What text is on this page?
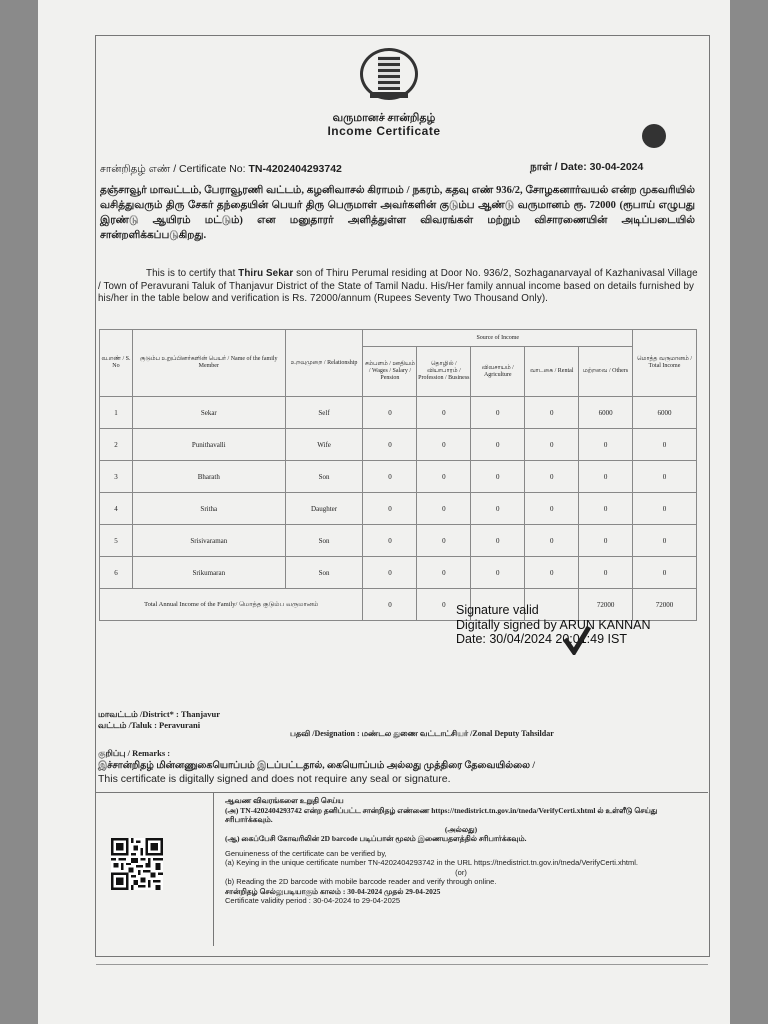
வருமானச் சான்றிதழ்
Income Certificate
சான்றிதழ் எண் / Certificate No: TN-4202404293742	நாள் / Date: 30-04-2024
தஞ்சாவூர் மாவட்டம், பேராவூரணி வட்டம், கழனிவாசல் கிராமம் / நகரம், கதவு எண் 936/2, சோழகனார்வயல் என்ற முகவரியில் வசித்துவரும் திரு சேகர் தந்தையின் பெயர் திரு பெருமாள் அவர்களின் குடும்ப ஆண்டு வருமானம் ரூ. 72000 (ரூபாய் எழுபது இரண்டு ஆயிரம் மட்டும்) என மனுதாரர் அளித்துள்ள விவரங்கள் மற்றும் விசாரணையின் அடிப்படையில் சான்றளிக்கப்படுகிறது.
This is to certify that Thiru Sekar son of Thiru Perumal residing at Door No. 936/2, Sozhaganarvayal of Kazhanivasal Village / Town of Peravurani Taluk of Thanjavur District of the State of Tamil Nadu. His/Her family annual income based on details furnished by his/her in the table below and verification is Rs. 72000/annum (Rupees Seventy Two Thousand Only).
வ.எண் / S. No	குடும்ப உறுப்பினர்களின் பெயர் / Name of the family Member	உறவுமுறை / Relationship	Source of Income					மொத்த வருமானம் / Total Income
			சம்பளம் / ஊதியம் / Wages / Salary / Pension	தொழில் / வியாபாரம் / Profession / Business	விவசாயம் / Agriculture	வாடகை / Rental	மற்றவை / Others	
1	Sekar	Self	0	0	0	0	6000	6000
2	Punithavalli	Wife	0	0	0	0	0	0
3	Bharath	Son	0	0	0	0	0	0
4	Sritha	Daughter	0	0	0	0	0	0
5	Srisivaraman	Son	0	0	0	0	0	0
6	Srikumaran	Son	0	0	0	0	0	0
Total Annual Income of the Family/ மொத்த குடும்ப வருமானம்			0	0			72000	72000
Signature valid
Digitally signed by ARUN KANNAN
Date: 30/04/2024 20:01:49 IST
மாவட்டம் /District* : Thanjavur
வட்டம் /Taluk : Peravurani
பதவி /Designation : மண்டல துணை வட்டாட்சியர் /Zonal Deputy Tahsildar
குறிப்பு / Remarks :
இச்சான்றிதழ் மின்னணுகையொப்பம் இடப்பட்டதால், கையொப்பம் அல்லது முத்திரை தேவையில்லை /
This certificate is digitally signed and does not require any seal or signature.

ஆவண விவரங்களை உறுதி செய்ய

(அ) TN-4202404293742 என்ற தனிப்பட்ட சான்றிதழ் எண்ணை https://tnedistrict.tn.gov.in/tneda/VerifyCerti.xhtml ல் உள்ளீடு செய்து சரிபார்க்கவும்.

(அல்லது)

(ஆ) கைப்பேசி கோவரிலின் 2D barcode படிப்பான் மூலம் இணையதளத்தில் சரிபார்க்கவும்.

Genuineness of the certificate can be verified by,

(a) Keying in the unique certificate number TN-4202404293742 in the URL https://tnedistrict.tn.gov.in/tneda/VerifyCerti.xhtml.

(or)

(b) Reading the 2D barcode with mobile barcode reader and verify through online.

சான்றிதழ் செல்லுபடியாகும் காலம் : 30-04-2024 முதல் 29-04-2025

Certificate validity period : 30-04-2024 to 29-04-2025
